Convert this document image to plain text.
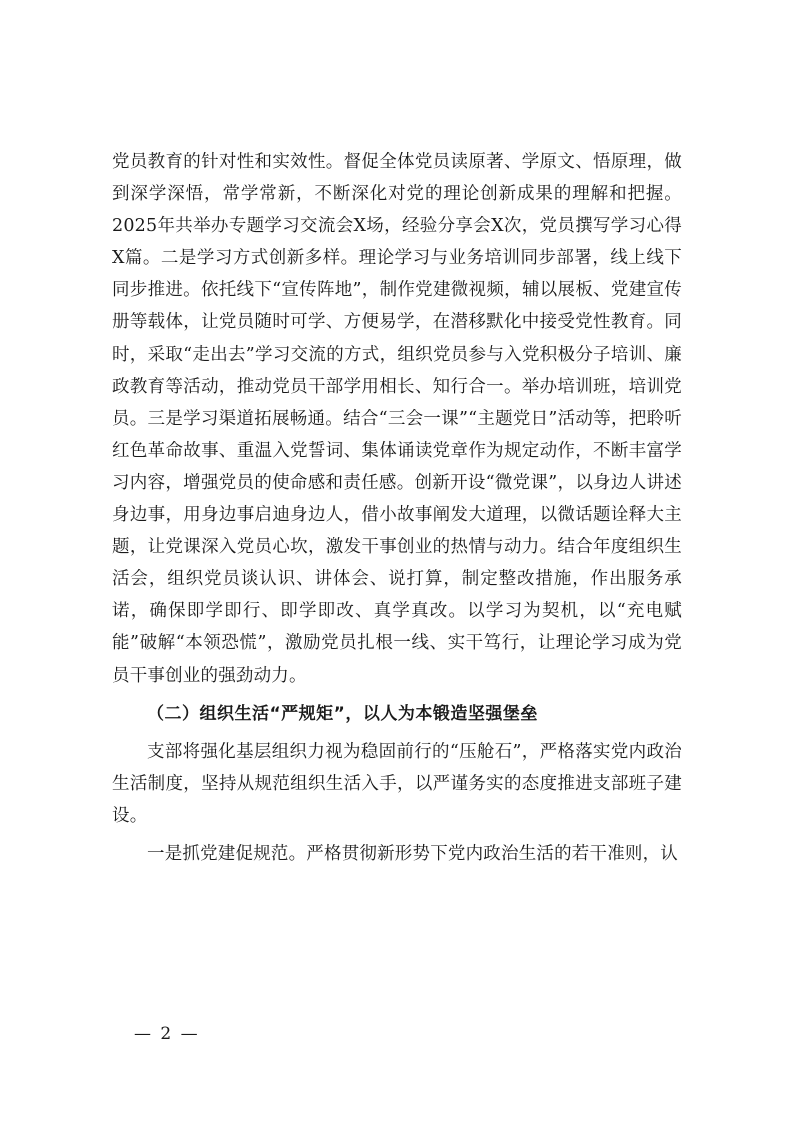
党员教育的针对性和实效性。督促全体党员读原著、学原文、悟原理，做到深学深悟，常学常新，不断深化对党的理论创新成果的理解和把握。2025年共举办专题学习交流会X场，经验分享会X次，党员撰写学习心得X篇。二是学习方式创新多样。理论学习与业务培训同步部署，线上线下同步推进。依托线下“宣传阵地”，制作党建微视频，辅以展板、党建宣传册等载体，让党员随时可学、方便易学，在潜移默化中接受党性教育。同时，采取“走出去”学习交流的方式，组织党员参与入党积极分子培训、廉政教育等活动，推动党员干部学用相长、知行合一。举办培训班，培训党员。三是学习渠道拓展畅通。结合“三会一课”“主题党日”活动等，把聆听红色革命故事、重温入党誓词、集体诵读党章作为规定动作，不断丰富学习内容，增强党员的使命感和责任感。创新开设“微党课”，以身边人讲述身边事，用身边事启迪身边人，借小故事阐发大道理，以微话题诠释大主题，让党课深入党员心坎，激发干事创业的热情与动力。结合年度组织生活会，组织党员谈认识、讲体会、说打算，制定整改措施，作出服务承诺，确保即学即行、即学即改、真学真改。以学习为契机，以“充电赋能”破解“本领恐慌”，激励党员扎根一线、实干笃行，让理论学习成为党员干事创业的强劲动力。

（二）组织生活“严规矩”，以人为本锻造坚强堡垒

支部将强化基层组织力视为稳固前行的“压舱石”，严格落实党内政治生活制度，坚持从规范组织生活入手，以严谨务实的态度推进支部班子建设。

一是抓党建促规范。严格贯彻新形势下党内政治生活的若干准则，认

— 2 —
